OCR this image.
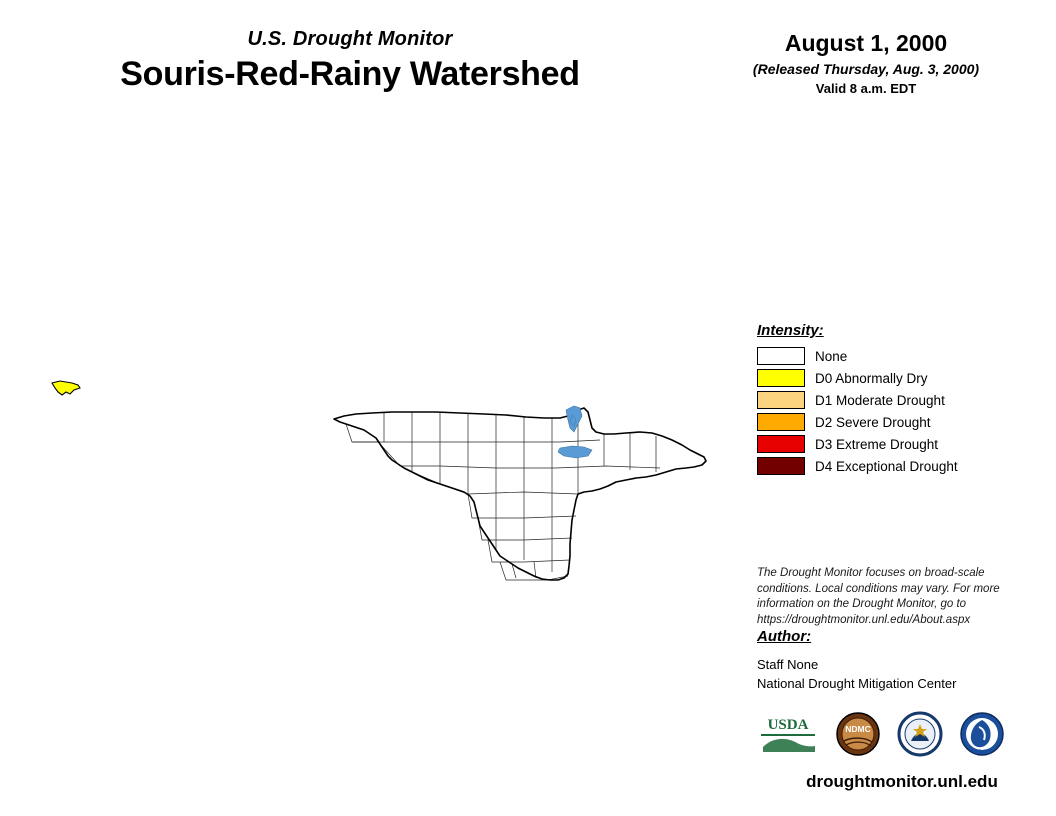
U.S. Drought Monitor
Souris-Red-Rainy Watershed
August 1, 2000
(Released Thursday, Aug. 3, 2000)
Valid 8 a.m. EDT
Intensity:
None
D0 Abnormally Dry
D1 Moderate Drought
D2 Severe Drought
D3 Extreme Drought
D4 Exceptional Drought
The Drought Monitor focuses on broad-scale conditions. Local conditions may vary. For more information on the Drought Monitor, go to https://droughtmonitor.unl.edu/About.aspx
Author:
Staff None
National Drought Mitigation Center
USDA	NDMC
NOAA
droughtmonitor.unl.edu
